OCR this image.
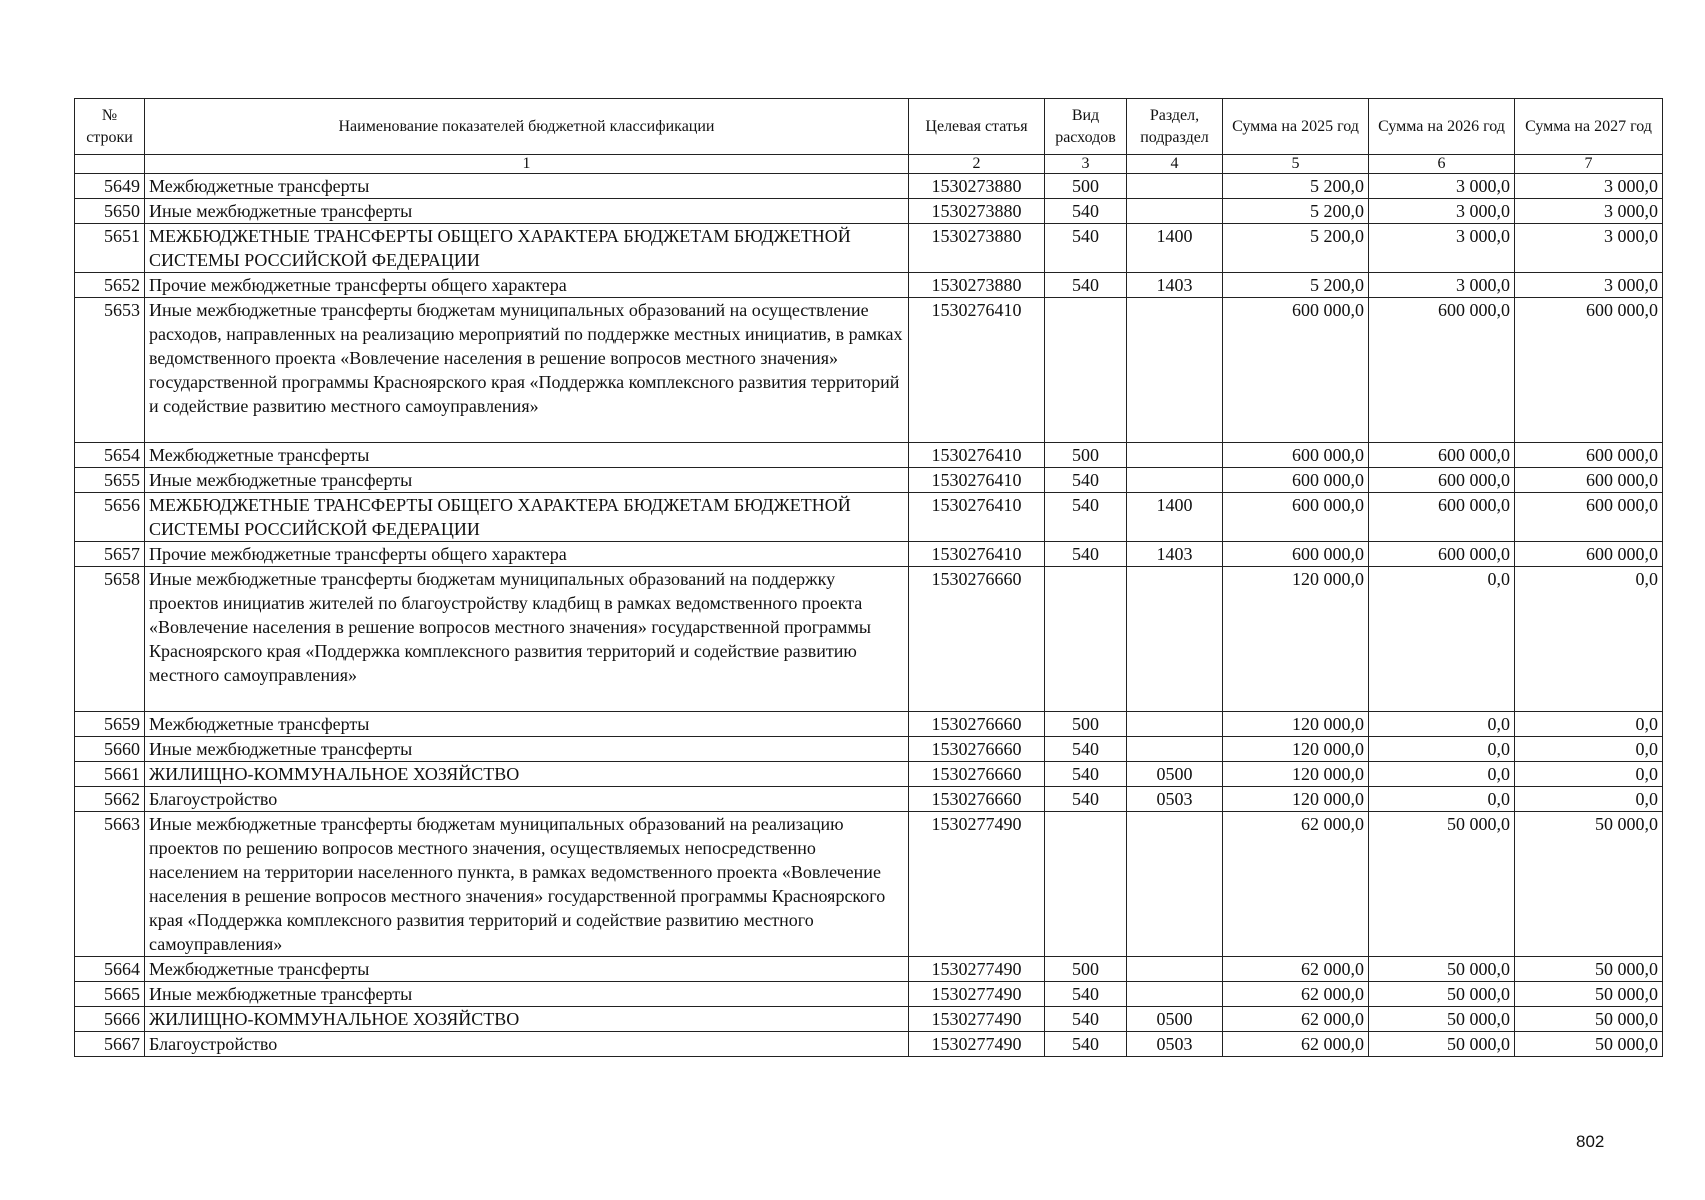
№ строки	Наименование показателей бюджетной классификации	Целевая статья	Вид расходов	Раздел, подраздел	Сумма на 2025 год	Сумма на 2026 год	Сумма на 2027 год
	1	2	3	4	5	6	7
5649	Межбюджетные трансферты	1530273880	500		5 200,0	3 000,0	3 000,0
5650	Иные межбюджетные трансферты	1530273880	540		5 200,0	3 000,0	3 000,0
5651	МЕЖБЮДЖЕТНЫЕ ТРАНСФЕРТЫ ОБЩЕГО ХАРАКТЕРА БЮДЖЕТАМ БЮДЖЕТНОЙ СИСТЕМЫ РОССИЙСКОЙ ФЕДЕРАЦИИ	1530273880	540	1400	5 200,0	3 000,0	3 000,0
5652	Прочие межбюджетные трансферты общего характера	1530273880	540	1403	5 200,0	3 000,0	3 000,0
5653	Иные межбюджетные трансферты бюджетам муниципальных образований на осуществление расходов, направленных на реализацию мероприятий по поддержке местных инициатив, в рамках ведомственного проекта «Вовлечение населения в решение вопросов местного значения» государственной программы Красноярского края «Поддержка комплексного развития территорий и содействие развитию местного самоуправления»	1530276410			600 000,0	600 000,0	600 000,0
5654	Межбюджетные трансферты	1530276410	500		600 000,0	600 000,0	600 000,0
5655	Иные межбюджетные трансферты	1530276410	540		600 000,0	600 000,0	600 000,0
5656	МЕЖБЮДЖЕТНЫЕ ТРАНСФЕРТЫ ОБЩЕГО ХАРАКТЕРА БЮДЖЕТАМ БЮДЖЕТНОЙ СИСТЕМЫ РОССИЙСКОЙ ФЕДЕРАЦИИ	1530276410	540	1400	600 000,0	600 000,0	600 000,0
5657	Прочие межбюджетные трансферты общего характера	1530276410	540	1403	600 000,0	600 000,0	600 000,0
5658	Иные межбюджетные трансферты бюджетам муниципальных образований на поддержку проектов инициатив жителей по благоустройству кладбищ в рамках ведомственного проекта «Вовлечение населения в решение вопросов местного значения» государственной программы Красноярского края «Поддержка комплексного развития территорий и содействие развитию местного самоуправления»	1530276660			120 000,0	0,0	0,0
5659	Межбюджетные трансферты	1530276660	500		120 000,0	0,0	0,0
5660	Иные межбюджетные трансферты	1530276660	540		120 000,0	0,0	0,0
5661	ЖИЛИЩНО-КОММУНАЛЬНОЕ ХОЗЯЙСТВО	1530276660	540	0500	120 000,0	0,0	0,0
5662	Благоустройство	1530276660	540	0503	120 000,0	0,0	0,0
5663	Иные межбюджетные трансферты бюджетам муниципальных образований на реализацию проектов по решению вопросов местного значения, осуществляемых непосредственно населением на территории населенного пункта, в рамках ведомственного проекта «Вовлечение населения в решение вопросов местного значения» государственной программы Красноярского края «Поддержка комплексного развития территорий и содействие развитию местного самоуправления»	1530277490			62 000,0	50 000,0	50 000,0
5664	Межбюджетные трансферты	1530277490	500		62 000,0	50 000,0	50 000,0
5665	Иные межбюджетные трансферты	1530277490	540		62 000,0	50 000,0	50 000,0
5666	ЖИЛИЩНО-КОММУНАЛЬНОЕ ХОЗЯЙСТВО	1530277490	540	0500	62 000,0	50 000,0	50 000,0
5667	Благоустройство	1530277490	540	0503	62 000,0	50 000,0	50 000,0
802
